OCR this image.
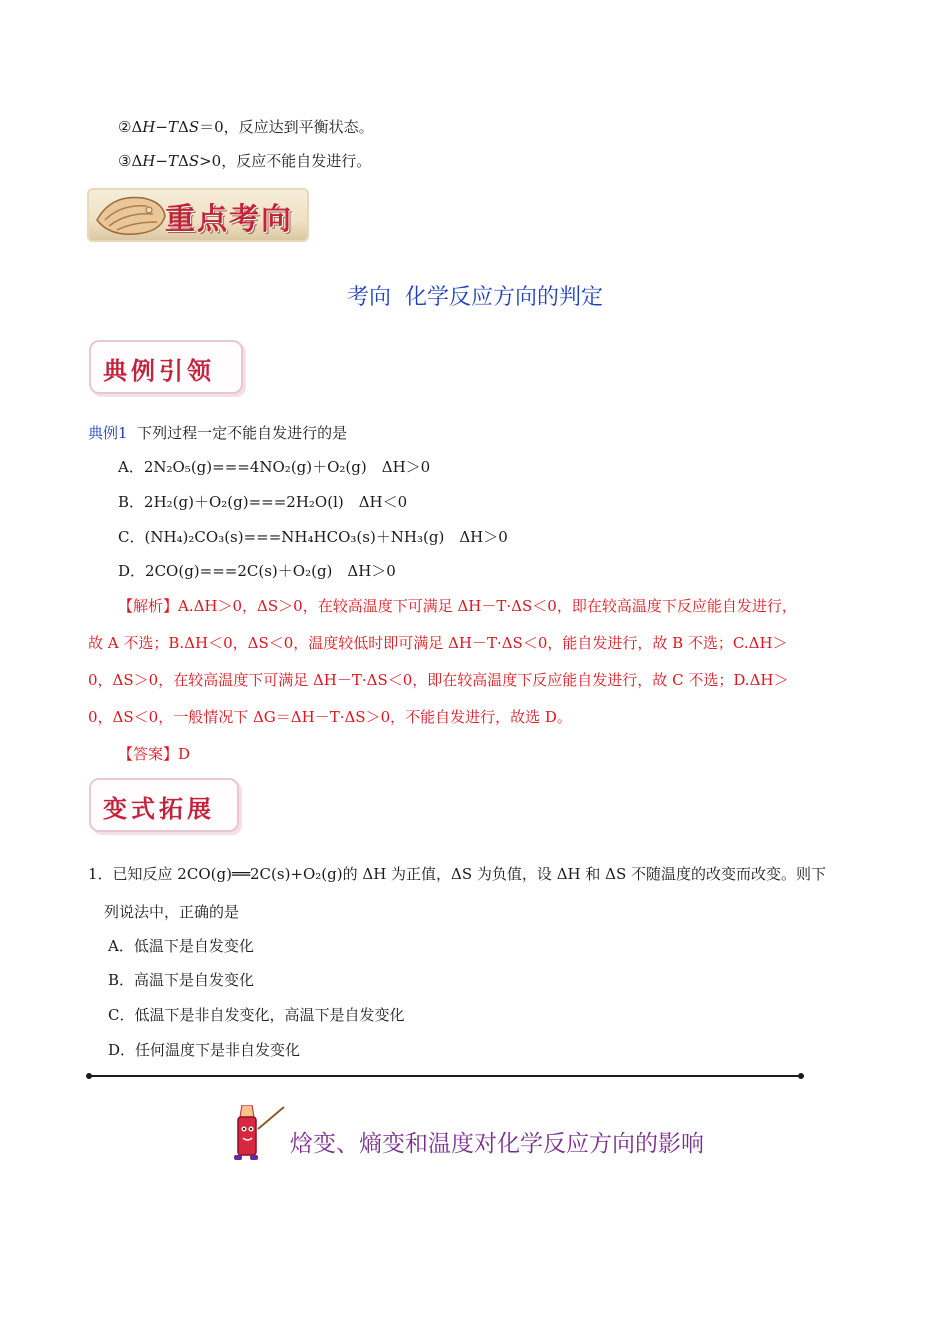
②ΔH−TΔS＝0，反应达到平衡状态。
③ΔH−TΔS>0，反应不能自发进行。
重点考向
考向 化学反应方向的判定
典例引领
典例1 下列过程一定不能自发进行的是
A．2N₂O₅(g)===4NO₂(g)＋O₂(g)　ΔH＞0
B．2H₂(g)＋O₂(g)===2H₂O(l)　ΔH＜0
C．(NH₄)₂CO₃(s)===NH₄HCO₃(s)＋NH₃(g)　ΔH＞0
D．2CO(g)===2C(s)＋O₂(g)　ΔH＞0
【解析】A.ΔH＞0，ΔS＞0，在较高温度下可满足 ΔH－T·ΔS＜0，即在较高温度下反应能自发进行，
故 A 不选；B.ΔH＜0，ΔS＜0，温度较低时即可满足 ΔH－T·ΔS＜0，能自发进行，故 B 不选；C.ΔH＞
0，ΔS＞0，在较高温度下可满足 ΔH－T·ΔS＜0，即在较高温度下反应能自发进行，故 C 不选；D.ΔH＞
0，ΔS＜0，一般情况下 ΔG＝ΔH－T·ΔS＞0，不能自发进行，故选 D。
【答案】D
变式拓展
1．已知反应 2CO(g)══2C(s)+O₂(g)的 ΔH 为正值，ΔS 为负值，设 ΔH 和 ΔS 不随温度的改变而改变。则下
列说法中，正确的是
A．低温下是自发变化
B．高温下是自发变化
C．低温下是非自发变化，高温下是自发变化
D．任何温度下是非自发变化
焓变、熵变和温度对化学反应方向的影响
